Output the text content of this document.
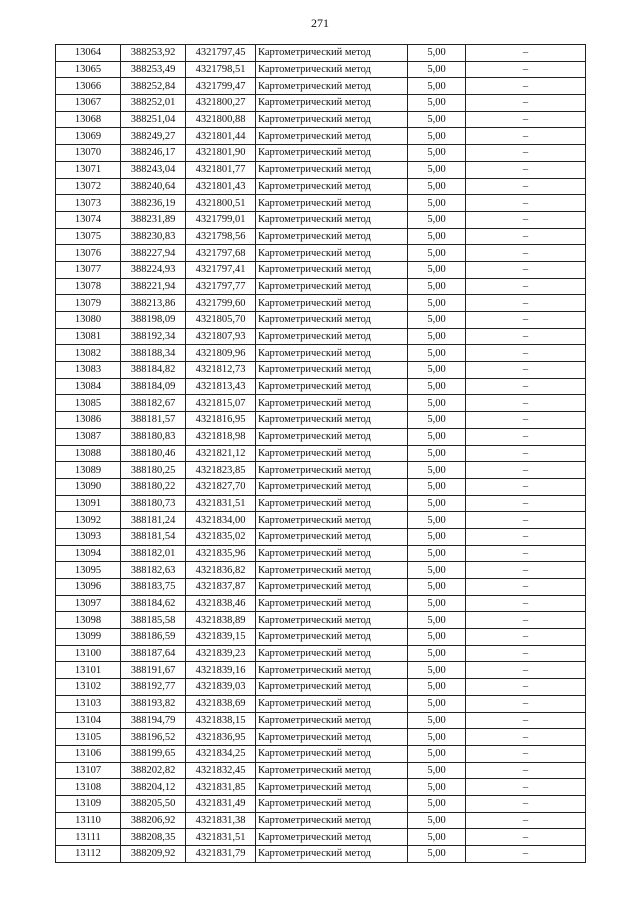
271
13064	388253,92	4321797,45	Картометрический метод	5,00	–
13065	388253,49	4321798,51	Картометрический метод	5,00	–
13066	388252,84	4321799,47	Картометрический метод	5,00	–
13067	388252,01	4321800,27	Картометрический метод	5,00	–
13068	388251,04	4321800,88	Картометрический метод	5,00	–
13069	388249,27	4321801,44	Картометрический метод	5,00	–
13070	388246,17	4321801,90	Картометрический метод	5,00	–
13071	388243,04	4321801,77	Картометрический метод	5,00	–
13072	388240,64	4321801,43	Картометрический метод	5,00	–
13073	388236,19	4321800,51	Картометрический метод	5,00	–
13074	388231,89	4321799,01	Картометрический метод	5,00	–
13075	388230,83	4321798,56	Картометрический метод	5,00	–
13076	388227,94	4321797,68	Картометрический метод	5,00	–
13077	388224,93	4321797,41	Картометрический метод	5,00	–
13078	388221,94	4321797,77	Картометрический метод	5,00	–
13079	388213,86	4321799,60	Картометрический метод	5,00	–
13080	388198,09	4321805,70	Картометрический метод	5,00	–
13081	388192,34	4321807,93	Картометрический метод	5,00	–
13082	388188,34	4321809,96	Картометрический метод	5,00	–
13083	388184,82	4321812,73	Картометрический метод	5,00	–
13084	388184,09	4321813,43	Картометрический метод	5,00	–
13085	388182,67	4321815,07	Картометрический метод	5,00	–
13086	388181,57	4321816,95	Картометрический метод	5,00	–
13087	388180,83	4321818,98	Картометрический метод	5,00	–
13088	388180,46	4321821,12	Картометрический метод	5,00	–
13089	388180,25	4321823,85	Картометрический метод	5,00	–
13090	388180,22	4321827,70	Картометрический метод	5,00	–
13091	388180,73	4321831,51	Картометрический метод	5,00	–
13092	388181,24	4321834,00	Картометрический метод	5,00	–
13093	388181,54	4321835,02	Картометрический метод	5,00	–
13094	388182,01	4321835,96	Картометрический метод	5,00	–
13095	388182,63	4321836,82	Картометрический метод	5,00	–
13096	388183,75	4321837,87	Картометрический метод	5,00	–
13097	388184,62	4321838,46	Картометрический метод	5,00	–
13098	388185,58	4321838,89	Картометрический метод	5,00	–
13099	388186,59	4321839,15	Картометрический метод	5,00	–
13100	388187,64	4321839,23	Картометрический метод	5,00	–
13101	388191,67	4321839,16	Картометрический метод	5,00	–
13102	388192,77	4321839,03	Картометрический метод	5,00	–
13103	388193,82	4321838,69	Картометрический метод	5,00	–
13104	388194,79	4321838,15	Картометрический метод	5,00	–
13105	388196,52	4321836,95	Картометрический метод	5,00	–
13106	388199,65	4321834,25	Картометрический метод	5,00	–
13107	388202,82	4321832,45	Картометрический метод	5,00	–
13108	388204,12	4321831,85	Картометрический метод	5,00	–
13109	388205,50	4321831,49	Картометрический метод	5,00	–
13110	388206,92	4321831,38	Картометрический метод	5,00	–
13111	388208,35	4321831,51	Картометрический метод	5,00	–
13112	388209,92	4321831,79	Картометрический метод	5,00	–
